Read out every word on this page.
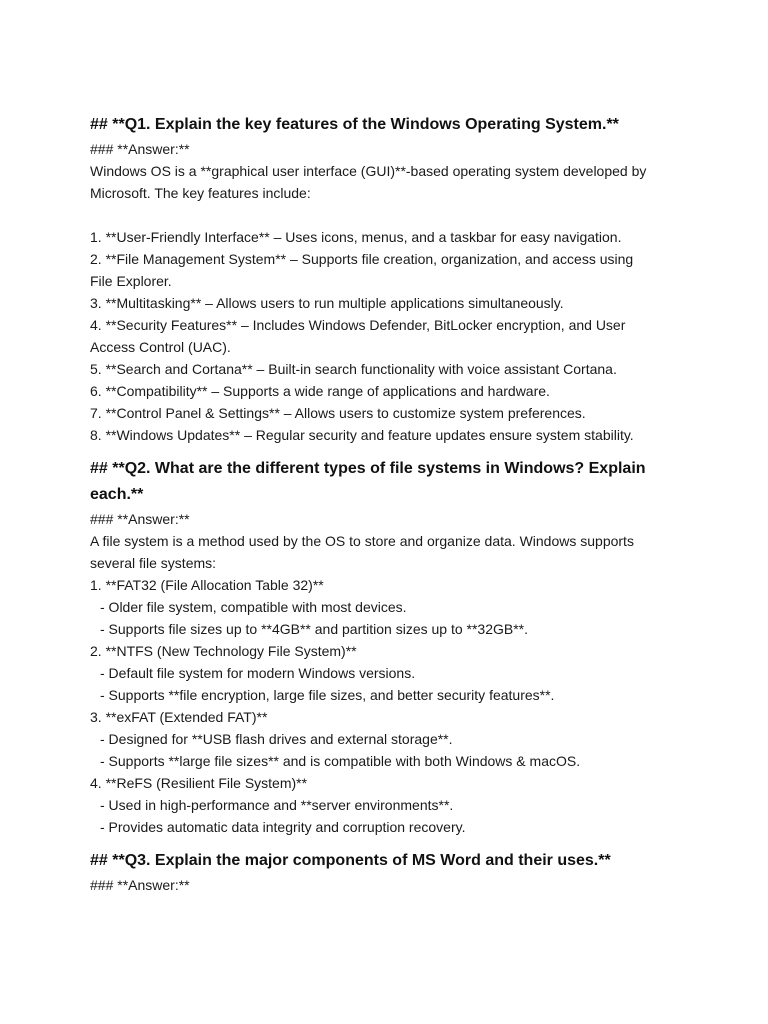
## **Q1. Explain the key features of the Windows Operating System.**

### **Answer:**

Windows OS is a **graphical user interface (GUI)**-based operating system developed by

Microsoft. The key features include:

1. **User-Friendly Interface** – Uses icons, menus, and a taskbar for easy navigation.

2. **File Management System** – Supports file creation, organization, and access using

File Explorer.

3. **Multitasking** – Allows users to run multiple applications simultaneously.

4. **Security Features** – Includes Windows Defender, BitLocker encryption, and User

Access Control (UAC).

5. **Search and Cortana** – Built-in search functionality with voice assistant Cortana.

6. **Compatibility** – Supports a wide range of applications and hardware.

7. **Control Panel & Settings** – Allows users to customize system preferences.

8. **Windows Updates** – Regular security and feature updates ensure system stability.

## **Q2. What are the different types of file systems in Windows? Explain

each.**

### **Answer:**

A file system is a method used by the OS to store and organize data. Windows supports

several file systems:

1. **FAT32 (File Allocation Table 32)**

- Older file system, compatible with most devices.

- Supports file sizes up to **4GB** and partition sizes up to **32GB**.

2. **NTFS (New Technology File System)**

- Default file system for modern Windows versions.

- Supports **file encryption, large file sizes, and better security features**.

3. **exFAT (Extended FAT)**

- Designed for **USB flash drives and external storage**.

- Supports **large file sizes** and is compatible with both Windows & macOS.

4. **ReFS (Resilient File System)**

- Used in high-performance and **server environments**.

- Provides automatic data integrity and corruption recovery.

## **Q3. Explain the major components of MS Word and their uses.**

### **Answer:**
